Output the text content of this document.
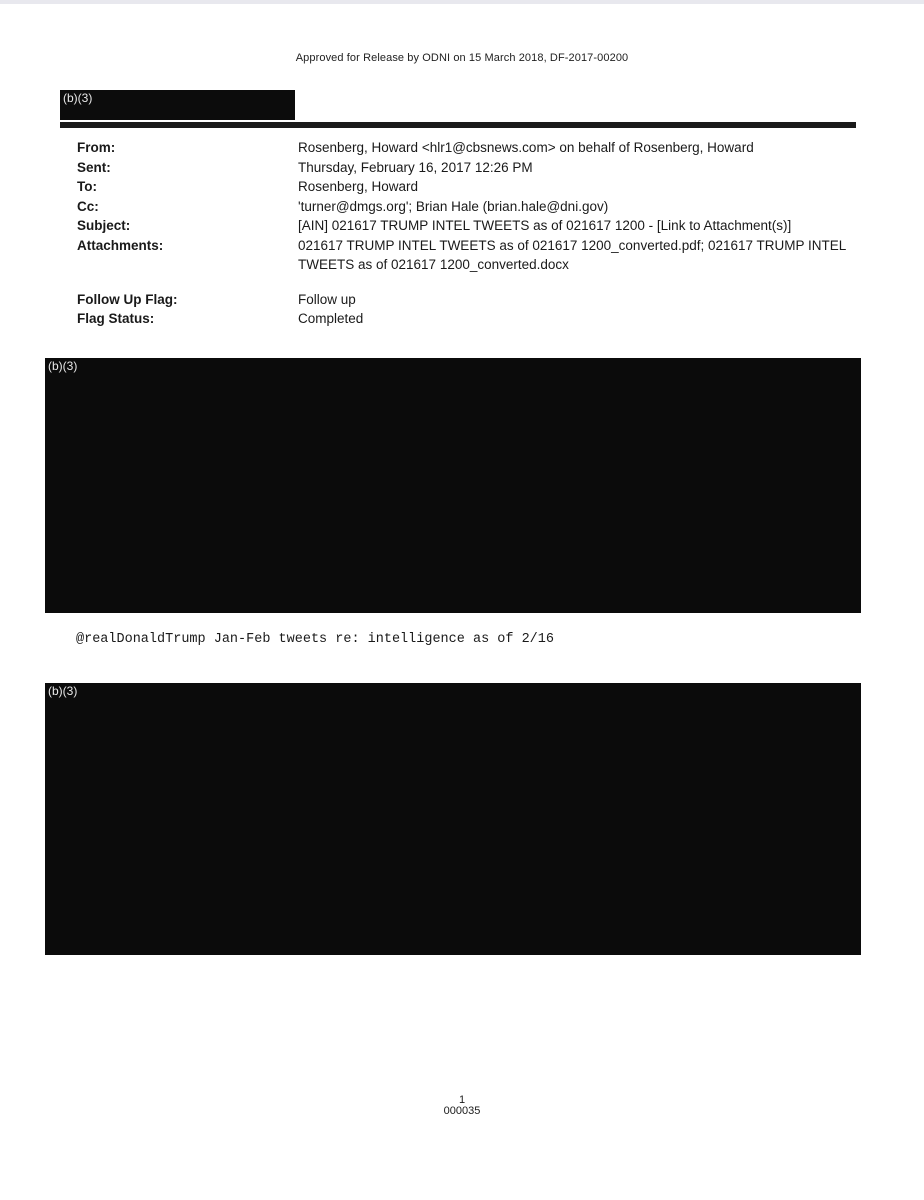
Approved for Release by ODNI on 15 March 2018, DF-2017-00200
(b)(3)
From:	Rosenberg, Howard <hlr1@cbsnews.com> on behalf of Rosenberg, Howard
Sent:	Thursday, February 16, 2017 12:26 PM
To:	Rosenberg, Howard
Cc:	'turner@dmgs.org'; Brian Hale (brian.hale@dni.gov)
Subject:	[AIN] 021617 TRUMP INTEL TWEETS as of 021617 1200 - [Link to Attachment(s)]
Attachments:	021617 TRUMP INTEL TWEETS as of 021617 1200_converted.pdf; 021617 TRUMP INTEL TWEETS as of 021617 1200_converted.docx
Follow Up Flag:	Follow up
Flag Status:	Completed
(b)(3)
@realDonaldTrump Jan-Feb tweets re: intelligence as of 2/16
(b)(3)
1
000035
